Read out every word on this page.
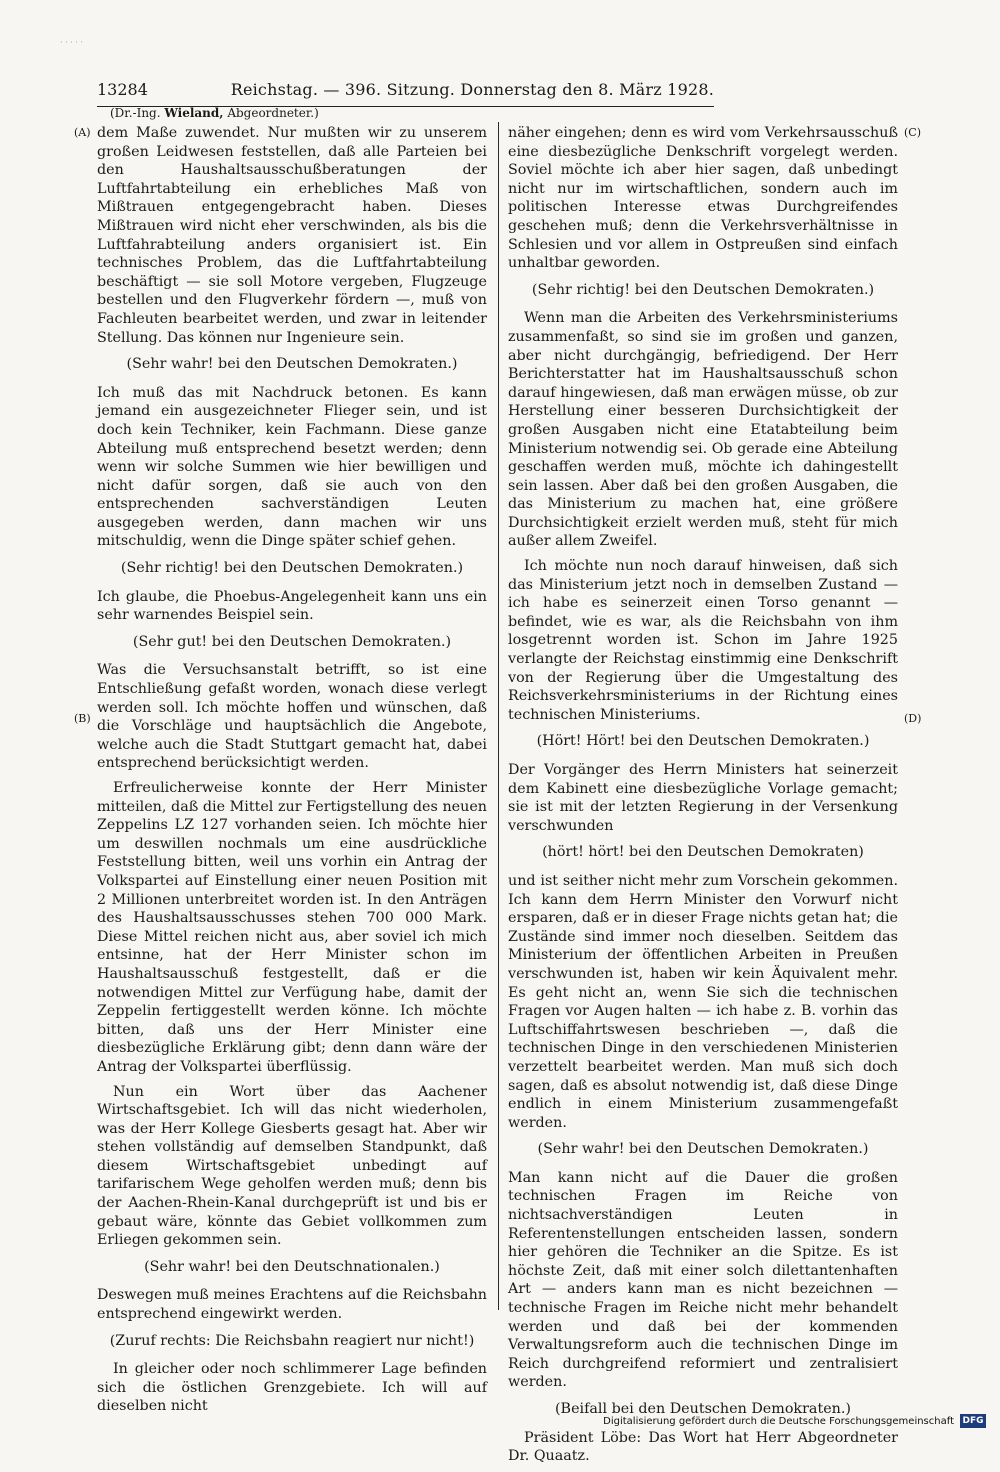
· · · · ·
13284	Reichstag. — 396. Sitzung. Donnerstag den 8. März 1928.
(Dr.-Ing. Wieland, Abgeordneter.)
(A)
(B)
(C)
(D)

dem Maße zuwendet. Nur mußten wir zu unserem großen Leidwesen feststellen, daß alle Parteien bei den Haushaltsausschußberatungen der Luftfahrtabteilung ein erhebliches Maß von Mißtrauen entgegengebracht haben. Dieses Mißtrauen wird nicht eher verschwinden, als bis die Luftfahrabteilung anders organisiert ist. Ein technisches Problem, das die Luftfahrtabteilung beschäftigt — sie soll Motore vergeben, Flugzeuge bestellen und den Flugverkehr fördern —, muß von Fachleuten bearbeitet werden, und zwar in leitender Stellung. Das können nur Ingenieure sein.

(Sehr wahr! bei den Deutschen Demokraten.)

Ich muß das mit Nachdruck betonen. Es kann jemand ein ausgezeichneter Flieger sein, und ist doch kein Techniker, kein Fachmann. Diese ganze Abteilung muß entsprechend besetzt werden; denn wenn wir solche Summen wie hier bewilligen und nicht dafür sorgen, daß sie auch von den entsprechenden sachverständigen Leuten ausgegeben werden, dann machen wir uns mitschuldig, wenn die Dinge später schief gehen.

(Sehr richtig! bei den Deutschen Demokraten.)

Ich glaube, die Phoebus-Angelegenheit kann uns ein sehr warnendes Beispiel sein.

(Sehr gut! bei den Deutschen Demokraten.)

Was die Versuchsanstalt betrifft, so ist eine Entschließung gefaßt worden, wonach diese verlegt werden soll. Ich möchte hoffen und wünschen, daß die Vorschläge und hauptsächlich die Angebote, welche auch die Stadt Stuttgart gemacht hat, dabei entsprechend berücksichtigt werden.

Erfreulicherweise konnte der Herr Minister mitteilen, daß die Mittel zur Fertigstellung des neuen Zeppelins LZ 127 vorhanden seien. Ich möchte hier um deswillen nochmals um eine ausdrückliche Feststellung bitten, weil uns vorhin ein Antrag der Volkspartei auf Einstellung einer neuen Position mit 2 Millionen unterbreitet worden ist. In den Anträgen des Haushaltsausschusses stehen 700 000 Mark. Diese Mittel reichen nicht aus, aber soviel ich mich entsinne, hat der Herr Minister schon im Haushaltsausschuß festgestellt, daß er die notwendigen Mittel zur Verfügung habe, damit der Zeppelin fertiggestellt werden könne. Ich möchte bitten, daß uns der Herr Minister eine diesbezügliche Erklärung gibt; denn dann wäre der Antrag der Volkspartei überflüssig.

Nun ein Wort über das Aachener Wirtschaftsgebiet. Ich will das nicht wiederholen, was der Herr Kollege Giesberts gesagt hat. Aber wir stehen vollständig auf demselben Standpunkt, daß diesem Wirtschaftsgebiet unbedingt auf tarifarischem Wege geholfen werden muß; denn bis der Aachen-Rhein-Kanal durchgeprüft ist und bis er gebaut wäre, könnte das Gebiet vollkommen zum Erliegen gekommen sein.

(Sehr wahr! bei den Deutschnationalen.)

Deswegen muß meines Erachtens auf die Reichsbahn entsprechend eingewirkt werden.

(Zuruf rechts: Die Reichsbahn reagiert nur nicht!)

In gleicher oder noch schlimmerer Lage befinden sich die östlichen Grenzgebiete. Ich will auf dieselben nicht

näher eingehen; denn es wird vom Verkehrsausschuß eine diesbezügliche Denkschrift vorgelegt werden. Soviel möchte ich aber hier sagen, daß unbedingt nicht nur im wirtschaftlichen, sondern auch im politischen Interesse etwas Durchgreifendes geschehen muß; denn die Verkehrsverhältnisse in Schlesien und vor allem in Ostpreußen sind einfach unhaltbar geworden.

(Sehr richtig! bei den Deutschen Demokraten.)

Wenn man die Arbeiten des Verkehrsministeriums zusammenfaßt, so sind sie im großen und ganzen, aber nicht durchgängig, befriedigend. Der Herr Berichterstatter hat im Haushaltsausschuß schon darauf hingewiesen, daß man erwägen müsse, ob zur Herstellung einer besseren Durchsichtigkeit der großen Ausgaben nicht eine Etatabteilung beim Ministerium notwendig sei. Ob gerade eine Abteilung geschaffen werden muß, möchte ich dahingestellt sein lassen. Aber daß bei den großen Ausgaben, die das Ministerium zu machen hat, eine größere Durchsichtigkeit erzielt werden muß, steht für mich außer allem Zweifel.

Ich möchte nun noch darauf hinweisen, daß sich das Ministerium jetzt noch in demselben Zustand — ich habe es seinerzeit einen Torso genannt — befindet, wie es war, als die Reichsbahn von ihm losgetrennt worden ist. Schon im Jahre 1925 verlangte der Reichstag einstimmig eine Denkschrift von der Regierung über die Umgestaltung des Reichsverkehrsministeriums in der Richtung eines technischen Ministeriums.

(Hört! Hört! bei den Deutschen Demokraten.)

Der Vorgänger des Herrn Ministers hat seinerzeit dem Kabinett eine diesbezügliche Vorlage gemacht; sie ist mit der letzten Regierung in der Versenkung verschwunden

(hört! hört! bei den Deutschen Demokraten)

und ist seither nicht mehr zum Vorschein gekommen. Ich kann dem Herrn Minister den Vorwurf nicht ersparen, daß er in dieser Frage nichts getan hat; die Zustände sind immer noch dieselben. Seitdem das Ministerium der öffentlichen Arbeiten in Preußen verschwunden ist, haben wir kein Äquivalent mehr. Es geht nicht an, wenn Sie sich die technischen Fragen vor Augen halten — ich habe z. B. vorhin das Luftschiffahrtswesen beschrieben —, daß die technischen Dinge in den verschiedenen Ministerien verzettelt bearbeitet werden. Man muß sich doch sagen, daß es absolut notwendig ist, daß diese Dinge endlich in einem Ministerium zusammengefaßt werden.

(Sehr wahr! bei den Deutschen Demokraten.)

Man kann nicht auf die Dauer die großen technischen Fragen im Reiche von nichtsachverständigen Leuten in Referentenstellungen entscheiden lassen, sondern hier gehören die Techniker an die Spitze. Es ist höchste Zeit, daß mit einer solch dilettantenhaften Art — anders kann man es nicht bezeichnen — technische Fragen im Reiche nicht mehr behandelt werden und daß bei der kommenden Verwaltungsreform auch die technischen Dinge im Reich durchgreifend reformiert und zentralisiert werden.

(Beifall bei den Deutschen Demokraten.)

Präsident Löbe: Das Wort hat Herr Abgeordneter Dr. Quaatz.

Digitalisierung gefördert durch die Deutsche Forschungsgemeinschaft DFG
